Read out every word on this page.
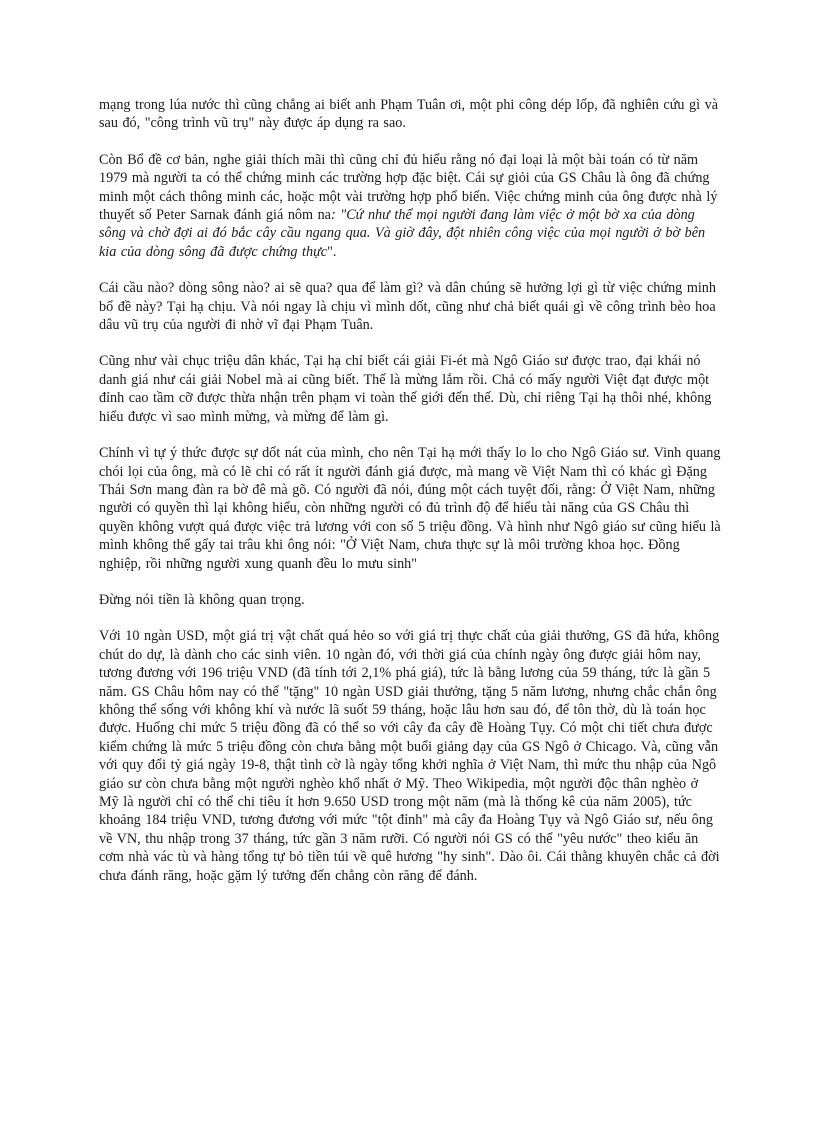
mạng trong lúa nước thì cũng chẳng ai biết anh Phạm Tuân ơi, một phi công dép lốp, đã nghiên cứu gì và sau đó, "công trình vũ trụ" này được áp dụng ra sao.

Còn Bổ đề cơ bản, nghe giải thích mãi thì cũng chỉ đủ hiểu rằng nó đại loại là một bài toán có từ năm 1979 mà người ta có thể chứng minh các trường hợp đặc biệt. Cái sự giỏi của GS Châu là ông đã chứng minh một cách thông minh các, hoặc một vài trường hợp phổ biến. Việc chứng minh của ông được nhà lý thuyết số Peter Sarnak đánh giá nôm na: "Cứ như thể mọi người đang làm việc ở một bờ xa của dòng sông và chờ đợi ai đó bắc cây cầu ngang qua. Và giờ đây, đột nhiên công việc của mọi người ở bờ bên kia của dòng sông đã được chứng thực".

Cái cầu nào? dòng sông nào? ai sẽ qua? qua để làm gì? và dân chúng sẽ hưởng lợi gì từ việc chứng minh bổ đề này? Tại hạ chịu. Và nói ngay là chịu vì mình dốt, cũng như chả biết quái gì về công trình bèo hoa dâu vũ trụ của người đi nhờ vĩ đại Phạm Tuân.

Cũng như vài chục triệu dân khác, Tại hạ chỉ biết cái giải Fi-ét mà Ngô Giáo sư được trao, đại khái nó danh giá như cái giải Nobel mà ai cũng biết. Thế là mừng lắm rồi. Chả có mấy người Việt đạt được một đỉnh cao tầm cỡ được thừa nhận trên phạm vi toàn thế giới đến thế. Dù, chỉ riêng Tại hạ thôi nhé, không hiểu được vì sao mình mừng, và mừng để làm gì.

Chính vì tự ý thức được sự dốt nát của mình, cho nên Tại hạ mới thấy lo lo cho Ngô Giáo sư. Vinh quang chói lọi của ông, mà có lẽ chỉ có rất ít người đánh giá được, mà mang về Việt Nam thì có khác gì Đặng Thái Sơn mang đàn ra bờ đê mà gõ. Có người đã nói, đúng một cách tuyệt đối, rằng: Ở Việt Nam, những người có quyền thì lại không hiểu, còn những người có đủ trình độ để hiểu tài năng của GS Châu thì quyền không vượt quá được việc trả lương với con số 5 triệu đồng. Và hình như Ngô giáo sư cũng hiểu là mình không thể gẩy tai trâu khi ông nói: "Ở Việt Nam, chưa thực sự là môi trường khoa học. Đồng nghiệp, rồi những người xung quanh đều lo mưu sinh"

Đừng nói tiền là không quan trọng.

Với 10 ngàn USD, một giá trị vật chất quá hẻo so với giá trị thực chất của giải thưởng, GS đã hứa, không chút do dự, là dành cho các sinh viên. 10 ngàn đó, với thời giá của chính ngày ông được giải hôm nay, tương đương với 196 triệu VND (đã tính tới 2,1% phá giá), tức là bằng lương của 59 tháng, tức là gần 5 năm. GS Châu hôm nay có thể "tặng" 10 ngàn USD giải thưởng, tặng 5 năm lương, nhưng chắc chắn ông không thể sống với không khí và nước lã suốt 59 tháng, hoặc lâu hơn sau đó, để tôn thờ, dù là toán học được. Huống chi mức 5 triệu đồng đã có thể so với cây đa cây đề Hoàng Tụy. Có một chi tiết chưa được kiểm chứng là mức 5 triệu đồng còn chưa bằng một buổi giảng dạy của GS Ngô ở Chicago. Và, cũng vẫn với quy đổi tỷ giá ngày 19-8, thật tình cờ là ngày tổng khởi nghĩa ở Việt Nam, thì mức thu nhập của Ngô giáo sư còn chưa bằng một người nghèo khổ nhất ở Mỹ. Theo Wikipedia, một người độc thân nghèo ở Mỹ là người chỉ có thể chi tiêu ít hơn 9.650 USD trong một năm (mà là thống kê của năm 2005), tức khoảng 184 triệu VND, tương đương với mức "tột đỉnh" mà cây đa Hoàng Tụy và Ngô Giáo sư, nếu ông về VN, thu nhập trong 37 tháng, tức gần 3 năm rưỡi. Có người nói GS có thể "yêu nước" theo kiểu ăn cơm nhà vác tù và hàng tổng tự bỏ tiền túi về quê hương "hy sinh". Dào ôi. Cái thằng khuyên chắc cả đời chưa đánh răng, hoặc gặm lý tưởng đến chẳng còn răng để đánh.
